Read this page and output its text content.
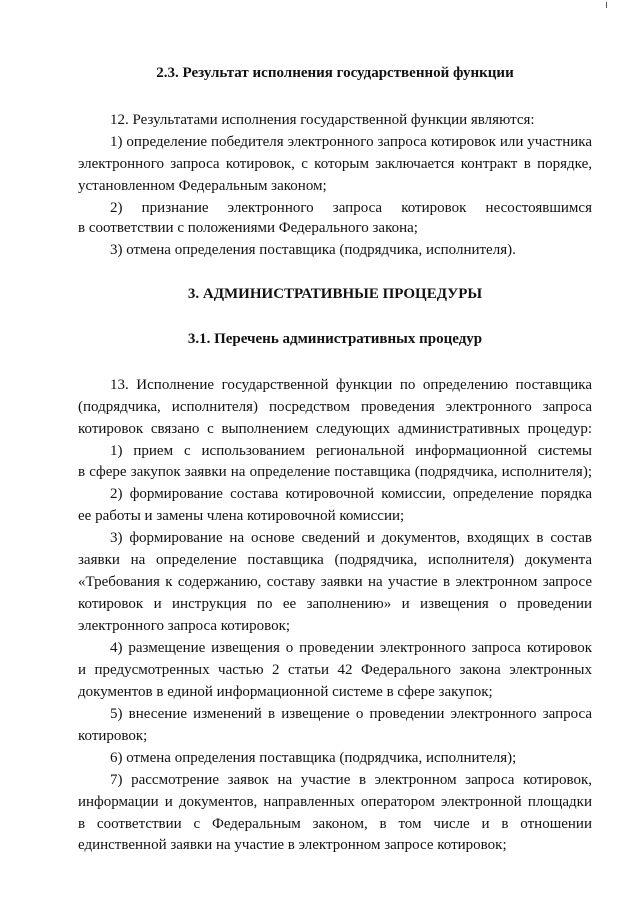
2.3. Результат исполнения государственной функции
12. Результатами исполнения государственной функции являются:
1) определение победителя электронного запроса котировок или участника
электронного запроса котировок, с которым заключается контракт в порядке,
установленном Федеральным законом;
2) признание электронного запроса котировок несостоявшимся
в соответствии с положениями Федерального закона;
3) отмена определения поставщика (подрядчика, исполнителя).
3. АДМИНИСТРАТИВНЫЕ ПРОЦЕДУРЫ
3.1. Перечень административных процедур
13. Исполнение государственной функции по определению поставщика
(подрядчика, исполнителя) посредством проведения электронного запроса
котировок связано с выполнением следующих административных процедур:
1) прием с использованием региональной информационной системы
в сфере закупок заявки на определение поставщика (подрядчика, исполнителя);
2) формирование состава котировочной комиссии, определение порядка
ее работы и замены члена котировочной комиссии;
3) формирование на основе сведений и документов, входящих в состав
заявки на определение поставщика (подрядчика, исполнителя) документа
«Требования к содержанию, составу заявки на участие в электронном запросе
котировок и инструкция по ее заполнению» и извещения о проведении
электронного запроса котировок;
4) размещение извещения о проведении электронного запроса котировок
и предусмотренных частью 2 статьи 42 Федерального закона электронных
документов в единой информационной системе в сфере закупок;
5) внесение изменений в извещение о проведении электронного запроса
котировок;
6) отмена определения поставщика (подрядчика, исполнителя);
7) рассмотрение заявок на участие в электронном запроса котировок,
информации и документов, направленных оператором электронной площадки
в соответствии с Федеральным законом, в том числе и в отношении
единственной заявки на участие в электронном запросе котировок;
